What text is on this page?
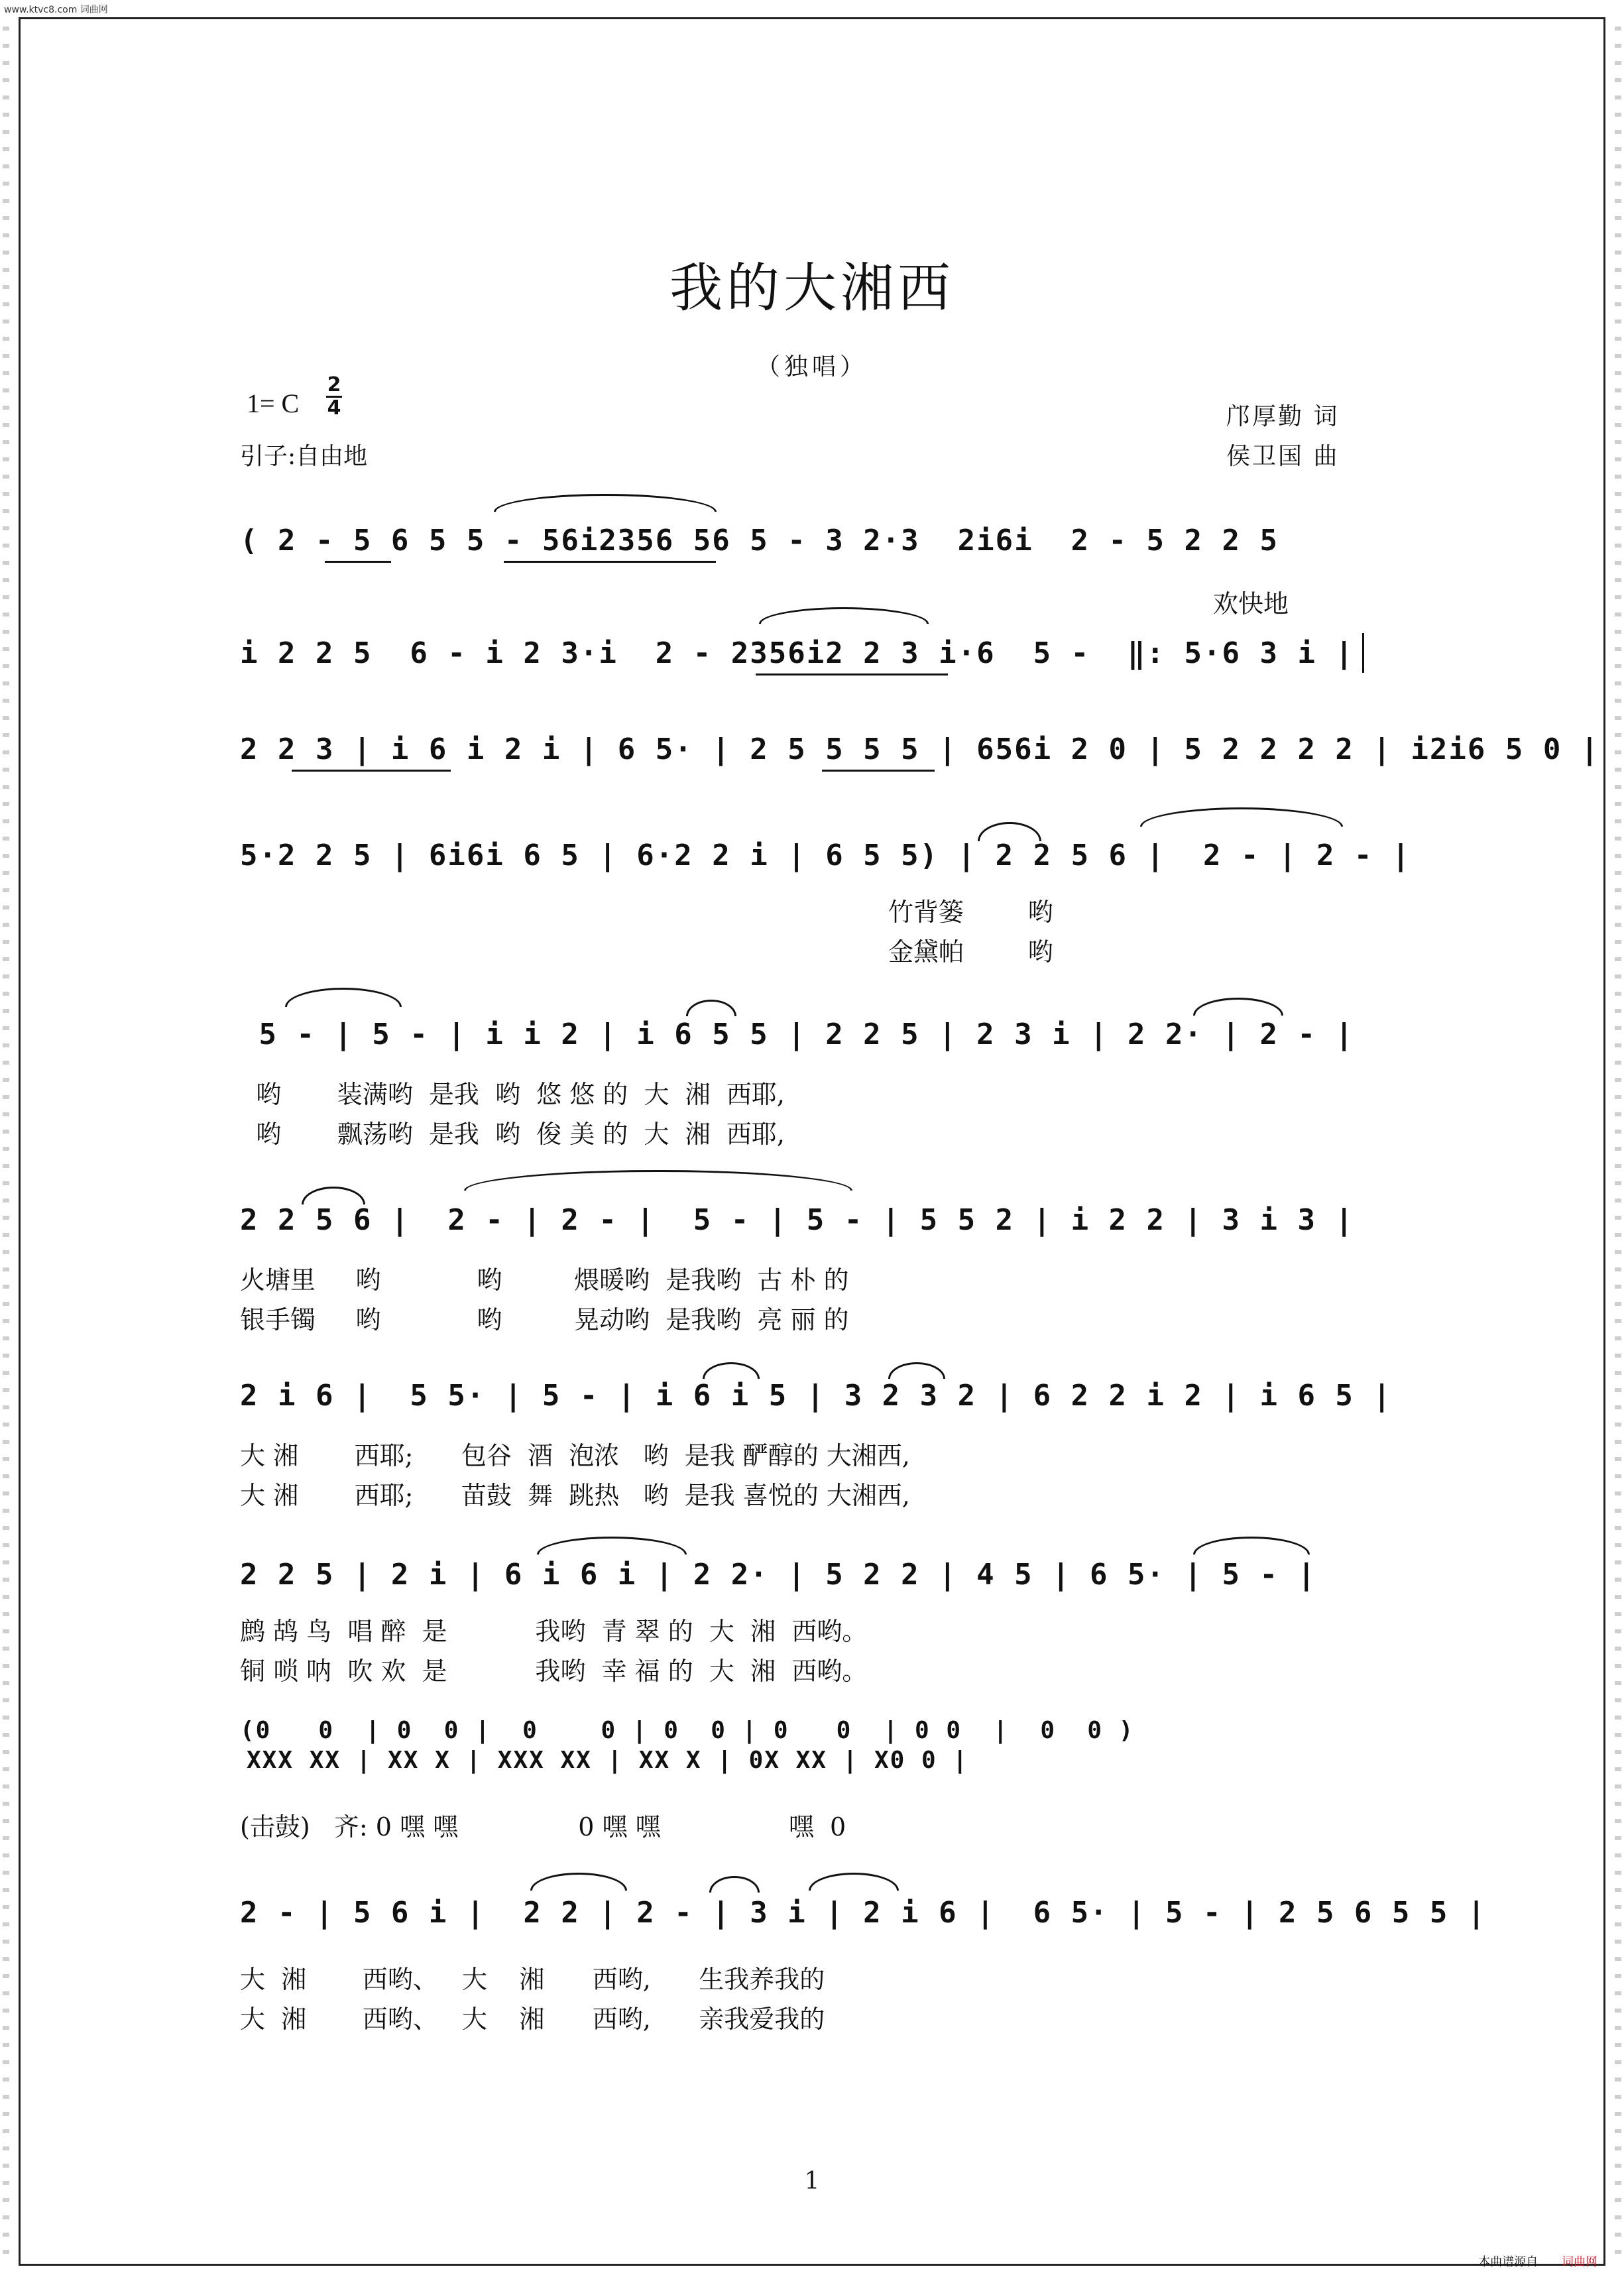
www.ktvc8.com 词曲网
我的大湘西
（独唱）
1= C
2
4
引子:自由地
邝厚勤 词
侯卫国 曲
欢快地
( 2 - 5 6 5 5 - 56i2356 56 5 - 3 2·3  2i6i  2 - 5 2 2 5
i 2 2 5  6 - i 2 3·i  2 - 2356i2 2 3 i·6  5 -  ‖: 5·6 3 i |
2 2 3 | i 6 i 2 i | 6 5· | 2 5 5 5 5 | 656i 2 0 | 5 2 2 2 2 | i2i6 5 0 |
5·2 2 5 | 6i6i 6 5 | 6·2 2 i | 6 5 5) | 2 2 5 6 |  2 - | 2 - |
竹背篓        哟
金黛帕        哟
5 - | 5 - | i i 2 | i 6 5 5 | 2 2 5 | 2 3 i | 2 2· | 2 - |
哟       装满哟  是我  哟  悠 悠 的  大  湘  西耶,
哟       飘荡哟  是我  哟  俊 美 的  大  湘  西耶,
2 2 5 6 |  2 - | 2 - |  5 - | 5 - | 5 5 2 | i 2 2 | 3 i 3 |
火塘里     哟            哟         煨暖哟  是我哟  古 朴 的
银手镯     哟            哟         晃动哟  是我哟  亮 丽 的
2 i 6 |  5 5· | 5 - | i 6 i 5 | 3 2 3 2 | 6 2 2 i 2 | i 6 5 |
大 湘       西耶;      包谷  酒  泡浓   哟  是我 酽醇的 大湘西,
大 湘       西耶;      苗鼓  舞  跳热   哟  是我 喜悦的 大湘西,
2 2 5 | 2 i | 6 i 6 i | 2 2· | 5 2 2 | 4 5 | 6 5· | 5 - |
鹧 鸪 鸟  唱 醉  是           我哟  青 翠 的  大  湘  西哟。
铜 唢 呐  吹 欢  是           我哟  幸 福 的  大  湘  西哟。
(0   0  | 0  0 |  0    0 | 0  0 | 0   0  | 0 0  |  0  0 )
XXX XX | XX X | XXX XX | XX X | 0X XX | X0 0 |
(击鼓)   齐: 0 嘿 嘿               0 嘿 嘿                嘿  0
2 - | 5 6 i |  2 2 | 2 - | 3 i | 2 i 6 |  6 5· | 5 - | 2 5 6 5 5 |
大  湘       西哟、   大    湘      西哟,      生我养我的
大  湘       西哟、   大    湘      西哟,      亲我爱我的
1
本曲谱源自 词曲网
